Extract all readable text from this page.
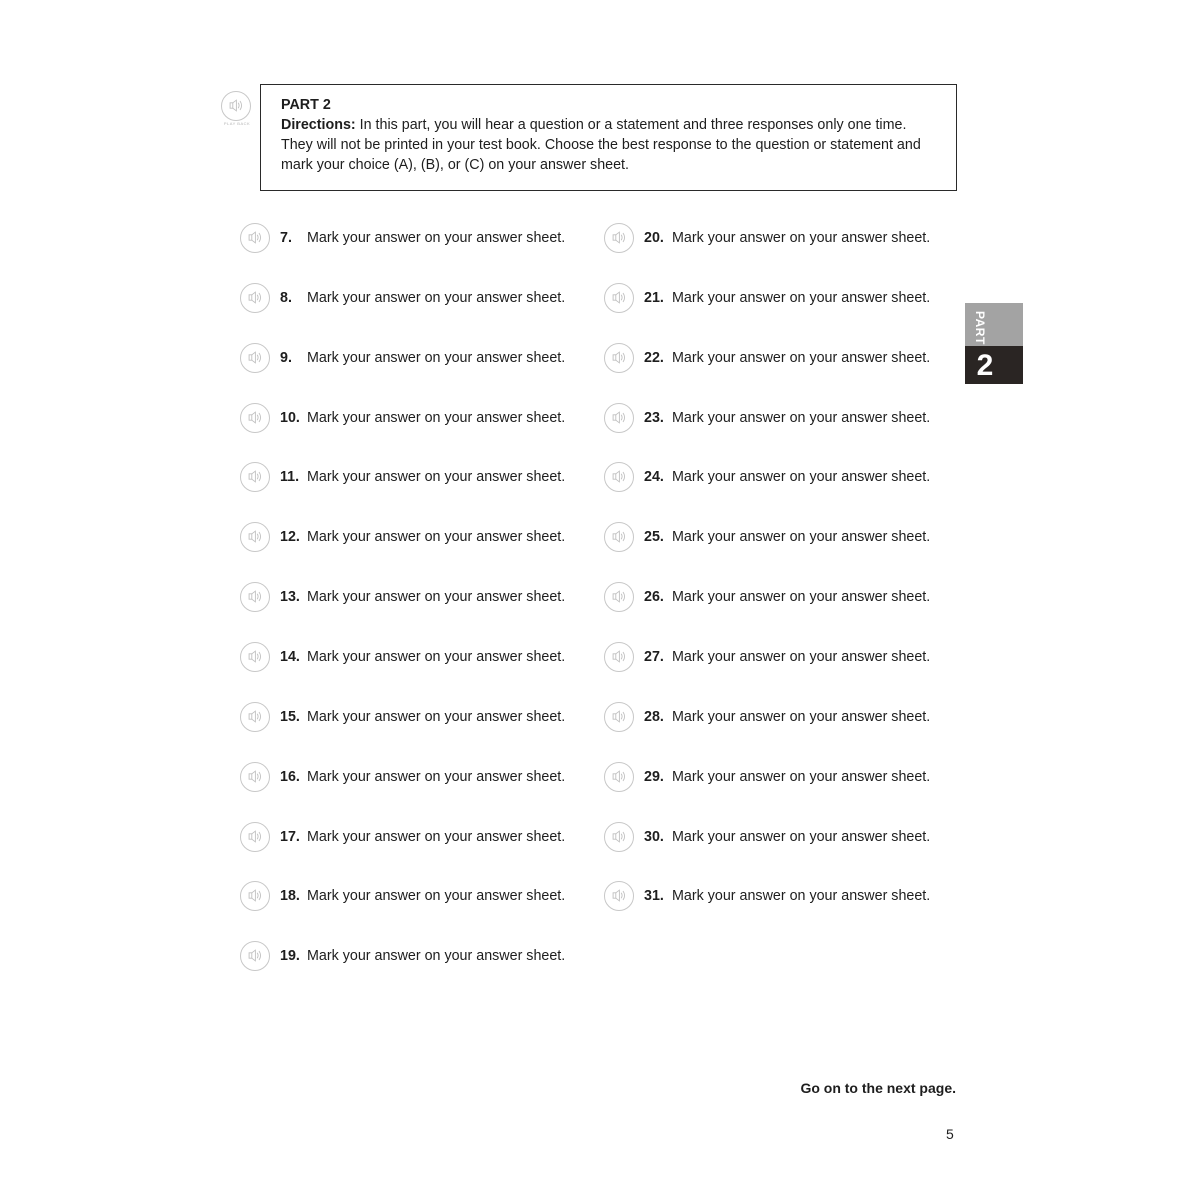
PLAY BACK
PART 2
Directions: In this part, you will hear a question or a statement and three responses only one time. They will not be printed in your test book. Choose the best response to the question or statement and mark your choice (A), (B), or (C) on your answer sheet.
7. Mark your answer on your answer sheet.
8. Mark your answer on your answer sheet.
9. Mark your answer on your answer sheet.
10. Mark your answer on your answer sheet.
11. Mark your answer on your answer sheet.
12. Mark your answer on your answer sheet.
13. Mark your answer on your answer sheet.
14. Mark your answer on your answer sheet.
15. Mark your answer on your answer sheet.
16. Mark your answer on your answer sheet.
17. Mark your answer on your answer sheet.
18. Mark your answer on your answer sheet.
19. Mark your answer on your answer sheet.
20. Mark your answer on your answer sheet.
21. Mark your answer on your answer sheet.
22. Mark your answer on your answer sheet.
23. Mark your answer on your answer sheet.
24. Mark your answer on your answer sheet.
25. Mark your answer on your answer sheet.
26. Mark your answer on your answer sheet.
27. Mark your answer on your answer sheet.
28. Mark your answer on your answer sheet.
29. Mark your answer on your answer sheet.
30. Mark your answer on your answer sheet.
31. Mark your answer on your answer sheet.
PART
2
Go on to the next page.
5
